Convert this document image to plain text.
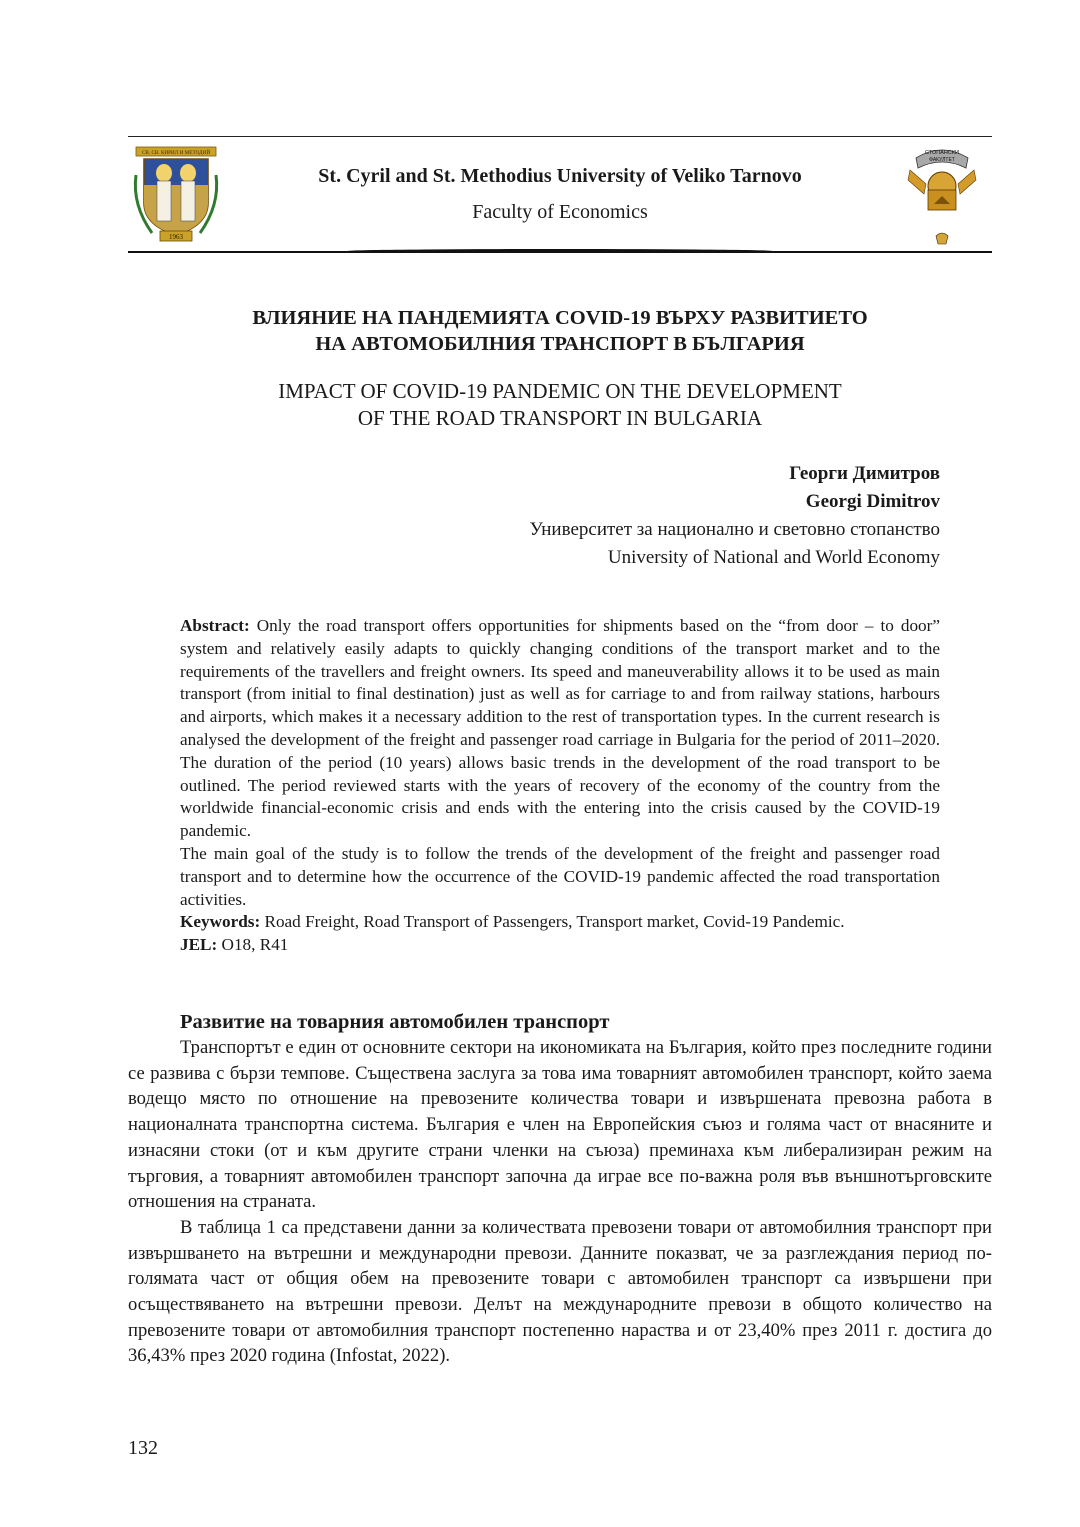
СВ. СВ. КИРИЛ И МЕТОДИЙ
1963
St. Cyril and St. Methodius University of Veliko Tarnovo
Faculty of Economics
СТОПАНСКИ
ФАКУЛТЕТ
ВЛИЯНИЕ НА ПАНДЕМИЯТА COVID-19 ВЪРХУ РАЗВИТИЕТО
НА АВТОМОБИЛНИЯ ТРАНСПОРТ В БЪЛГАРИЯ
IMPACT OF COVID-19 PANDEMIC ON THE DEVELOPMENT
OF THE ROAD TRANSPORT IN BULGARIA
Георги Димитров
Georgi Dimitrov
Университет за национално и световно стопанство
University of National and World Economy

Abstract: Only the road transport offers opportunities for shipments based on the “from door – to door” system and relatively easily adapts to quickly changing conditions of the transport market and to the requirements of the travellers and freight owners. Its speed and maneuverability allows it to be used as main transport (from initial to final destination) just as well as for carriage to and from railway stations, harbours and airports, which makes it a necessary addition to the rest of transportation types. In the current research is analysed the development of the freight and passenger road carriage in Bulgaria for the period of 2011–2020. The duration of the period (10 years) allows basic trends in the development of the road transport to be outlined. The period reviewed starts with the years of recovery of the economy of the country from the worldwide financial-economic crisis and ends with the entering into the crisis caused by the COVID-19 pandemic.

The main goal of the study is to follow the trends of the development of the freight and passenger road transport and to determine how the occurrence of the COVID-19 pandemic affected the road transportation activities.

Keywords: Road Freight, Road Transport of Passengers, Transport market, Covid-19 Pandemic.

JEL: O18, R41

Развитие на товарния автомобилен транспорт

Транспортът е един от основните сектори на икономиката на България, който през последните години се развива с бързи темпове. Съществена заслуга за това има товарният автомобилен транспорт, който заема водещо място по отношение на превозените количества товари и извършената превозна работа в националната транспортна система. България е член на Европейския съюз и голяма част от внасяните и изнасяни стоки (от и към другите страни членки на съюза) преминаха към либерализиран режим на търговия, а товарният автомобилен транспорт започна да играе все по-важна роля във външнотърговските отношения на страната.

В таблица 1 са представени данни за количествата превозени товари от автомобилния транспорт при извършването на вътрешни и международни превози. Данните показват, че за разглеждания период по-голямата част от общия обем на превозените товари с автомобилен транспорт са извършени при осъществяването на вътрешни превози. Делът на международните превози в общото количество на превозените товари от автомобилния транспорт постепенно нараства и от 23,40% през 2011 г. достига до 36,43% през 2020 година (Infostat, 2022).

132
